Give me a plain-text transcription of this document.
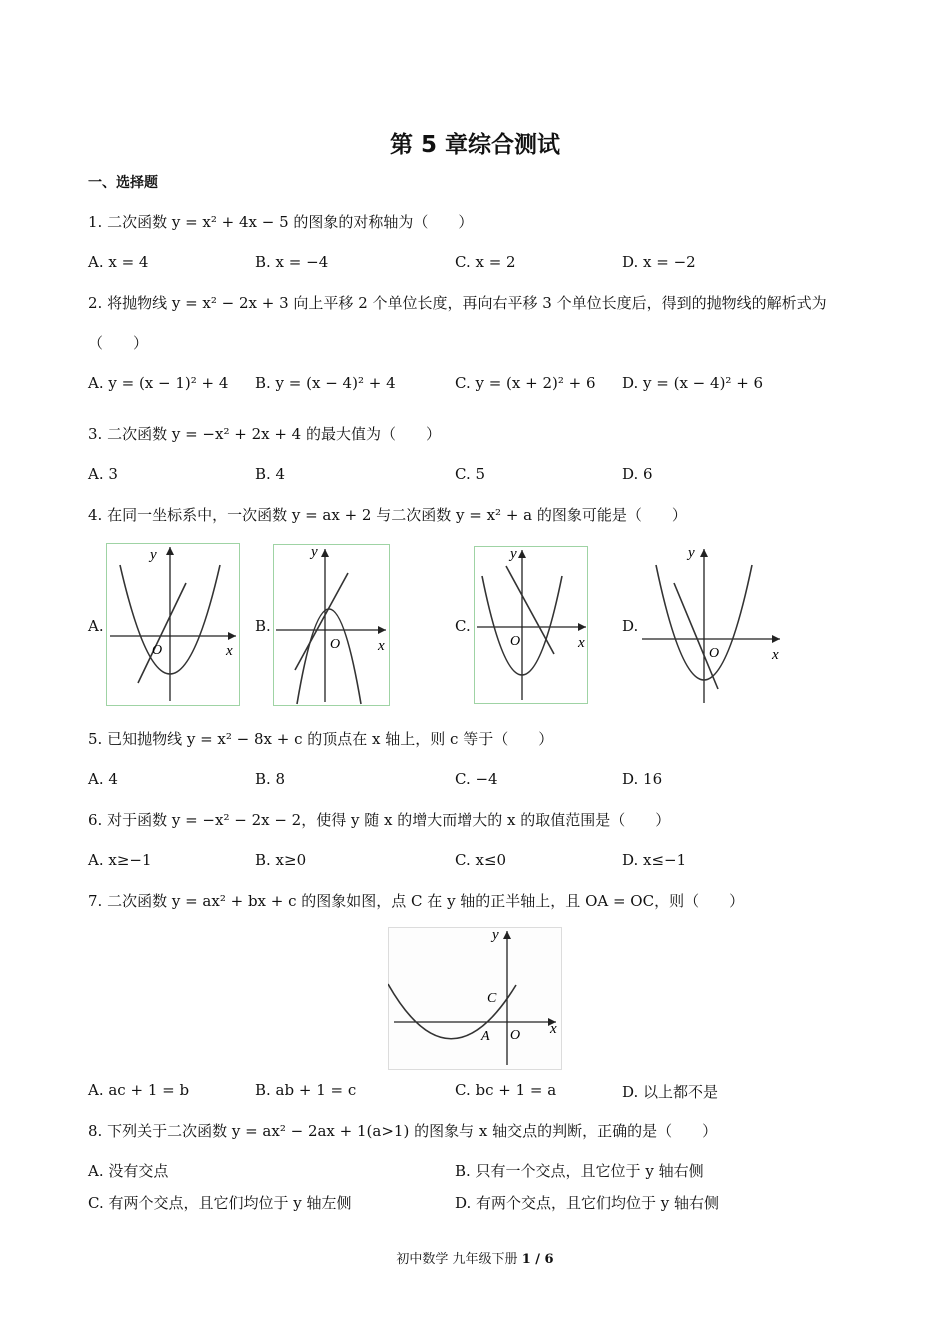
第 5 章综合测试
一、选择题
1. 二次函数 y = x² + 4x − 5 的图象的对称轴为（　　）
A. x = 4	B. x = −4	C. x = 2	D. x = −2
2. 将抛物线 y = x² − 2x + 3 向上平移 2 个单位长度，再向右平移 3 个单位长度后，得到的抛物线的解析式为
（　　）
A. y = (x − 1)² + 4 B. y = (x − 4)² + 4	C. y = (x + 2)² + 6 D. y = (x − 4)² + 6
3. 二次函数 y = −x² + 2x + 4 的最大值为（　　）
A. 3	B. 4	C. 5	D. 6
4. 在同一坐标系中，一次函数 y = ax + 2 与二次函数 y = x² + a 的图象可能是（　　）
A.	B.	C.	D.
y
x
O
y
x
O
y
x
O
y
x
O
5. 已知抛物线 y = x² − 8x + c 的顶点在 x 轴上，则 c 等于（　　）
A. 4	B. 8	C. −4	D. 16
6. 对于函数 y = −x² − 2x − 2，使得 y 随 x 的增大而增大的 x 的取值范围是（　　）
A. x≥−1	B. x≥0	C. x≤0	D. x≤−1
7. 二次函数 y = ax² + bx + c 的图象如图，点 C 在 y 轴的正半轴上，且 OA = OC，则（　　）
y
x
O
C
A
A. ac + 1 = b	B. ab + 1 = c	C. bc + 1 = a	D. 以上都不是
8. 下列关于二次函数 y = ax² − 2ax + 1(a>1) 的图象与 x 轴交点的判断，正确的是（　　）
A. 没有交点	B. 只有一个交点，且它位于 y 轴右侧
C. 有两个交点，且它们均位于 y 轴左侧	D. 有两个交点，且它们均位于 y 轴右侧
初中数学 九年级下册 1 / 6
